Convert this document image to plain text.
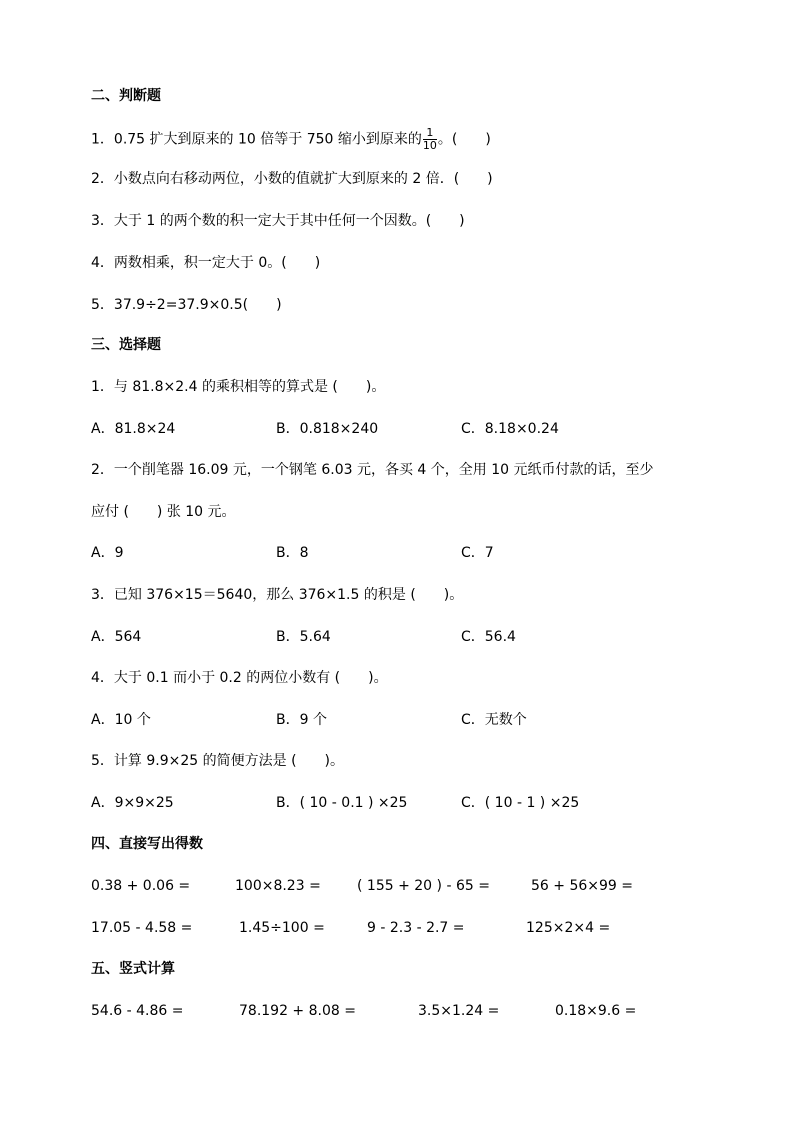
二、判断题
1．0.75 扩大到原来的 10 倍等于 750 缩小到原来的 $\frac{1}{10}$ 。(　　)
2．小数点向右移动两位，小数的值就扩大到原来的 2 倍．(　　)
3．大于 1 的两个数的积一定大于其中任何一个因数。(　　)
4．两数相乘，积一定大于 0。(　　)
5．37.9÷2=37.9×0.5(　　)
三、选择题
1．与 81.8×2.4 的乘积相等的算式是 (　　)。
A．81.8×24	B．0.818×240	C．8.18×0.24
2．一个削笔器 16.09 元，一个钢笔 6.03 元，各买 4 个，全用 10 元纸币付款的话，至少
应付 (　　) 张 10 元。
A．9	B．8	C．7
3．已知 376×15＝5640，那么 376×1.5 的积是 (　　)。
A．564	B．5.64	C．56.4
4．大于 0.1 而小于 0.2 的两位小数有 (　　)。
A．10 个	B．9 个	C．无数个
5．计算 9.9×25 的简便方法是 (　　)。
A．9×9×25	B．( 10 - 0.1 ) ×25	C．( 10 - 1 ) ×25
四、直接写出得数
0.38 + 0.06 =	100×8.23 =	( 155 + 20 ) - 65 =	56 + 56×99 =
17.05 - 4.58 =	1.45÷100 =	9 - 2.3 - 2.7 =	125×2×4 =
五、竖式计算
54.6 - 4.86 =	78.192 + 8.08 =	3.5×1.24 =	0.18×9.6 =
